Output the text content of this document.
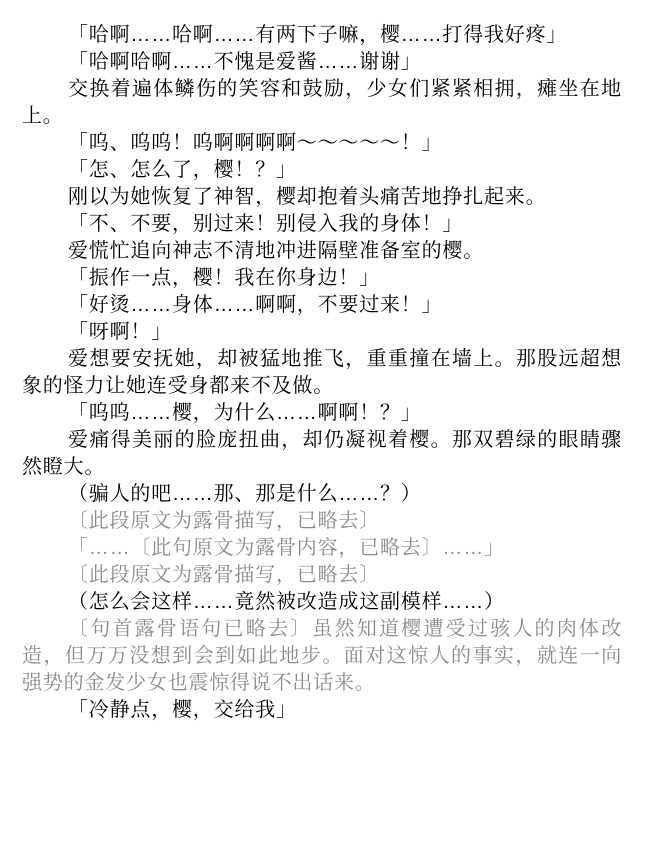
「哈啊……哈啊……有两下子嘛，樱……打得我好疼」

「哈啊哈啊……不愧是爱酱……谢谢」

交换着遍体鳞伤的笑容和鼓励，少女们紧紧相拥，瘫坐在地上。

「呜、呜呜！呜啊啊啊啊～～～～～！」

「怎、怎么了，樱！？」

刚以为她恢复了神智，樱却抱着头痛苦地挣扎起来。

「不、不要，别过来！别侵入我的身体！」

爱慌忙追向神志不清地冲进隔壁准备室的樱。

「振作一点，樱！我在你身边！」

「好烫……身体……啊啊，不要过来！」

「呀啊！」

爱想要安抚她，却被猛地推飞，重重撞在墙上。那股远超想象的怪力让她连受身都来不及做。

「呜呜……樱，为什么……啊啊！？」

爱痛得美丽的脸庞扭曲，却仍凝视着樱。那双碧绿的眼睛骤然瞪大。

（骗人的吧……那、那是什么……？）

〔此段原文为露骨描写，已略去〕

「……〔此句原文为露骨内容，已略去〕……」

〔此段原文为露骨描写，已略去〕

（怎么会这样……竟然被改造成这副模样……）

〔句首露骨语句已略去〕虽然知道樱遭受过骇人的肉体改造，但万万没想到会到如此地步。面对这惊人的事实，就连一向强势的金发少女也震惊得说不出话来。

「冷静点，樱，交给我」
